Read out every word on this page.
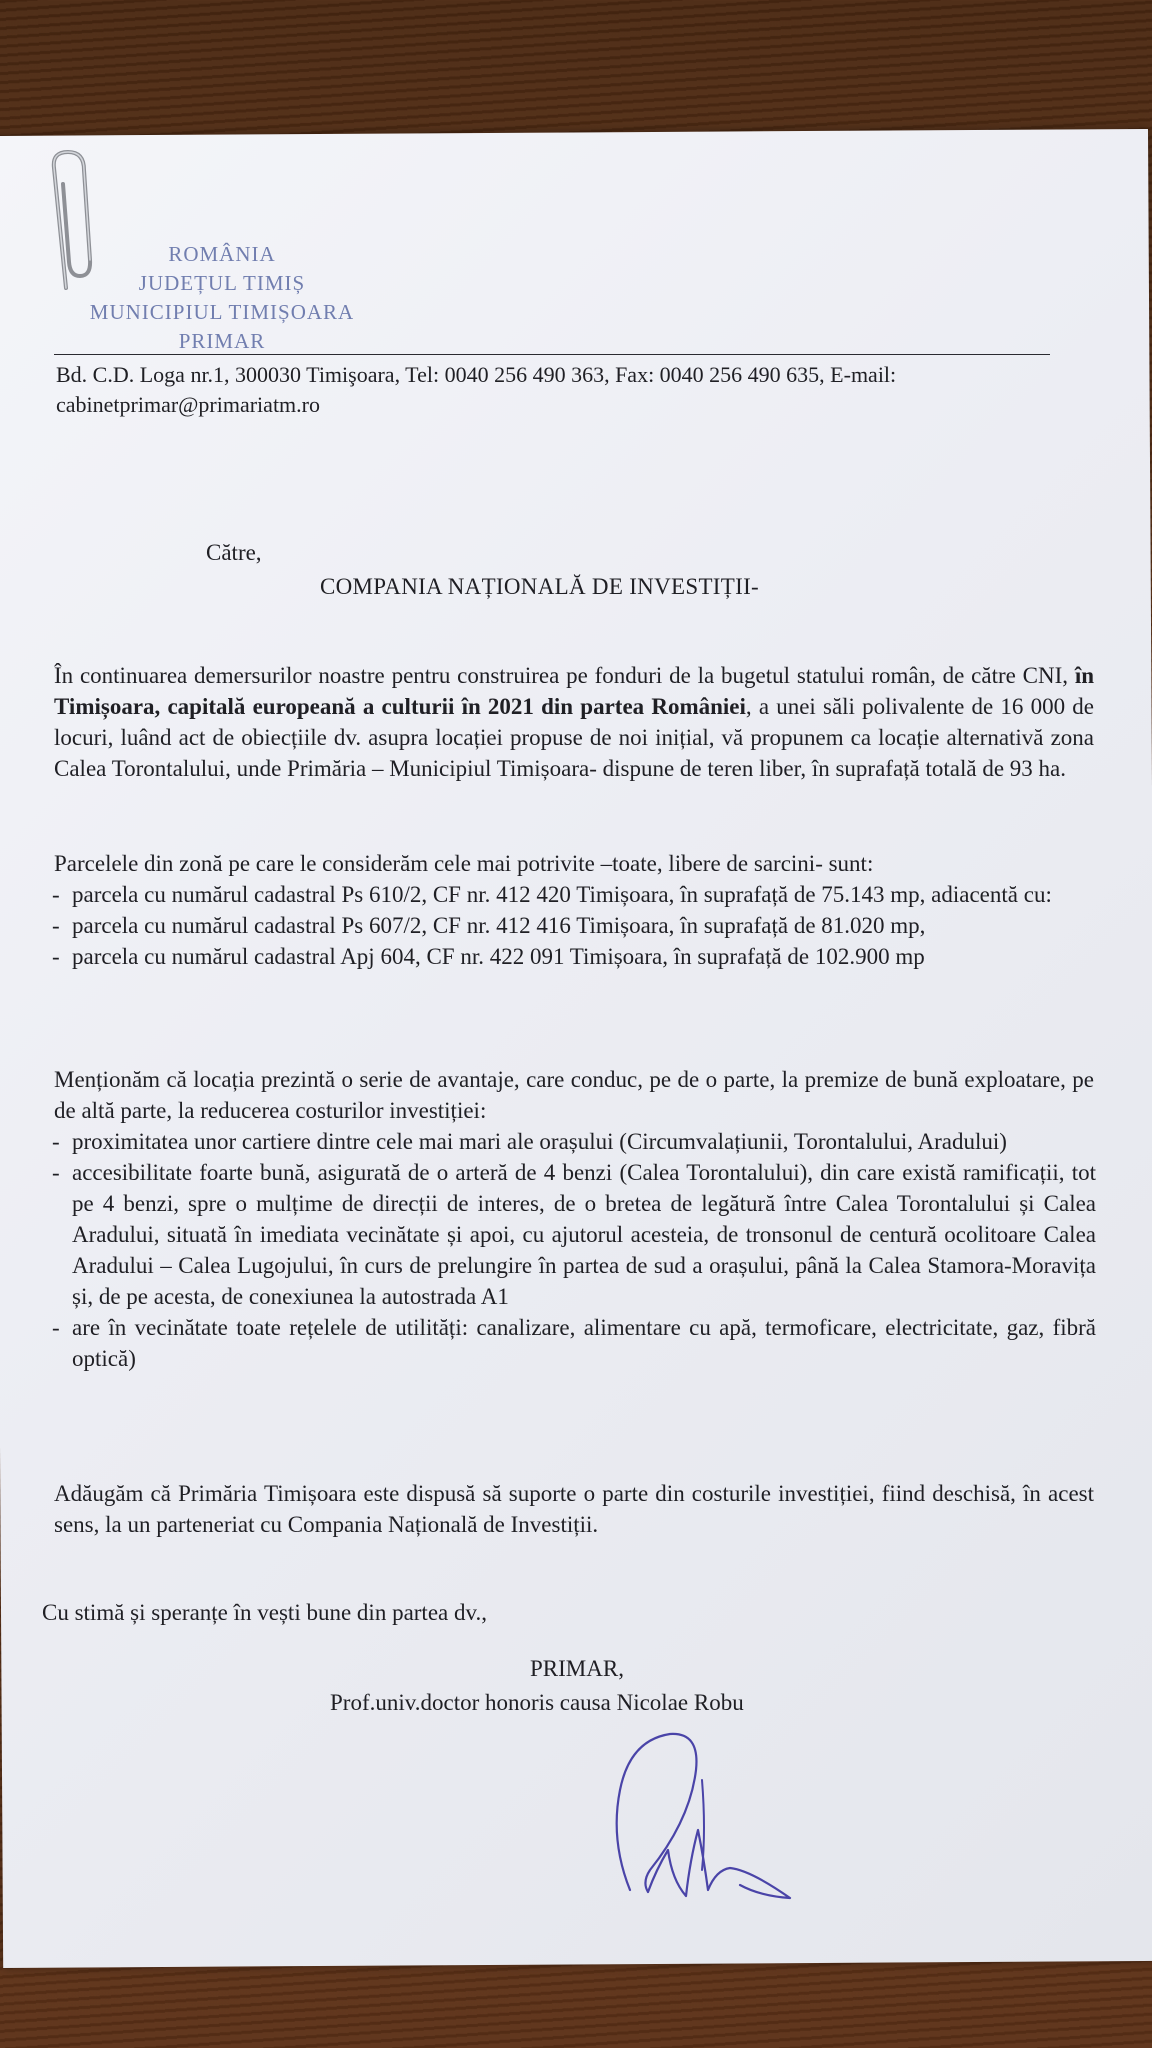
ROMÂNIA
JUDEȚUL TIMIȘ
MUNICIPIUL TIMIȘOARA
PRIMAR
Bd. C.D. Loga nr.1, 300030 Timişoara, Tel: 0040 256 490 363, Fax: 0040 256 490 635, E-mail: cabinetprimar@primariatm.ro
Către,
COMPANIA NAȚIONALĂ DE INVESTIȚII-
În continuarea demersurilor noastre pentru construirea pe fonduri de la bugetul statului român, de către CNI, în Timișoara, capitală europeană a culturii în 2021 din partea României, a unei săli polivalente de 16 000 de locuri, luând act de obiecțiile dv. asupra locației propuse de noi inițial, vă propunem ca locație alternativă zona Calea Torontalului, unde Primăria – Municipiul Timișoara- dispune de teren liber, în suprafață totală de 93 ha.
Parcelele din zonă pe care le considerăm cele mai potrivite –toate, libere de sarcini- sunt:
- parcela cu numărul cadastral Ps 610/2, CF nr. 412 420 Timișoara, în suprafață de 75.143 mp, adiacentă cu:
- parcela cu numărul cadastral Ps 607/2, CF nr. 412 416 Timișoara, în suprafață de 81.020 mp,
- parcela cu numărul cadastral Apj 604, CF nr. 422 091 Timișoara, în suprafață de 102.900 mp
Menționăm că locația prezintă o serie de avantaje, care conduc, pe de o parte, la premize de bună exploatare, pe de altă parte, la reducerea costurilor investiției:
- proximitatea unor cartiere dintre cele mai mari ale orașului (Circumvalațiunii, Torontalului, Aradului)
- accesibilitate foarte bună, asigurată de o arteră de 4 benzi (Calea Torontalului), din care există ramificații, tot pe 4 benzi, spre o mulțime de direcții de interes, de o bretea de legătură între Calea Torontalului și Calea Aradului, situată în imediata vecinătate și apoi, cu ajutorul acesteia, de tronsonul de centură ocolitoare Calea Aradului – Calea Lugojului, în curs de prelungire în partea de sud a orașului, până la Calea Stamora-Moravița și, de pe acesta, de conexiunea la autostrada A1
- are în vecinătate toate rețelele de utilități: canalizare, alimentare cu apă, termoficare, electricitate, gaz, fibră optică)
Adăugăm că Primăria Timișoara este dispusă să suporte o parte din costurile investiției, fiind deschisă, în acest sens, la un parteneriat cu Compania Națională de Investiții.
Cu stimă și speranțe în vești bune din partea dv.,
PRIMAR,
Prof.univ.doctor honoris causa Nicolae Robu
